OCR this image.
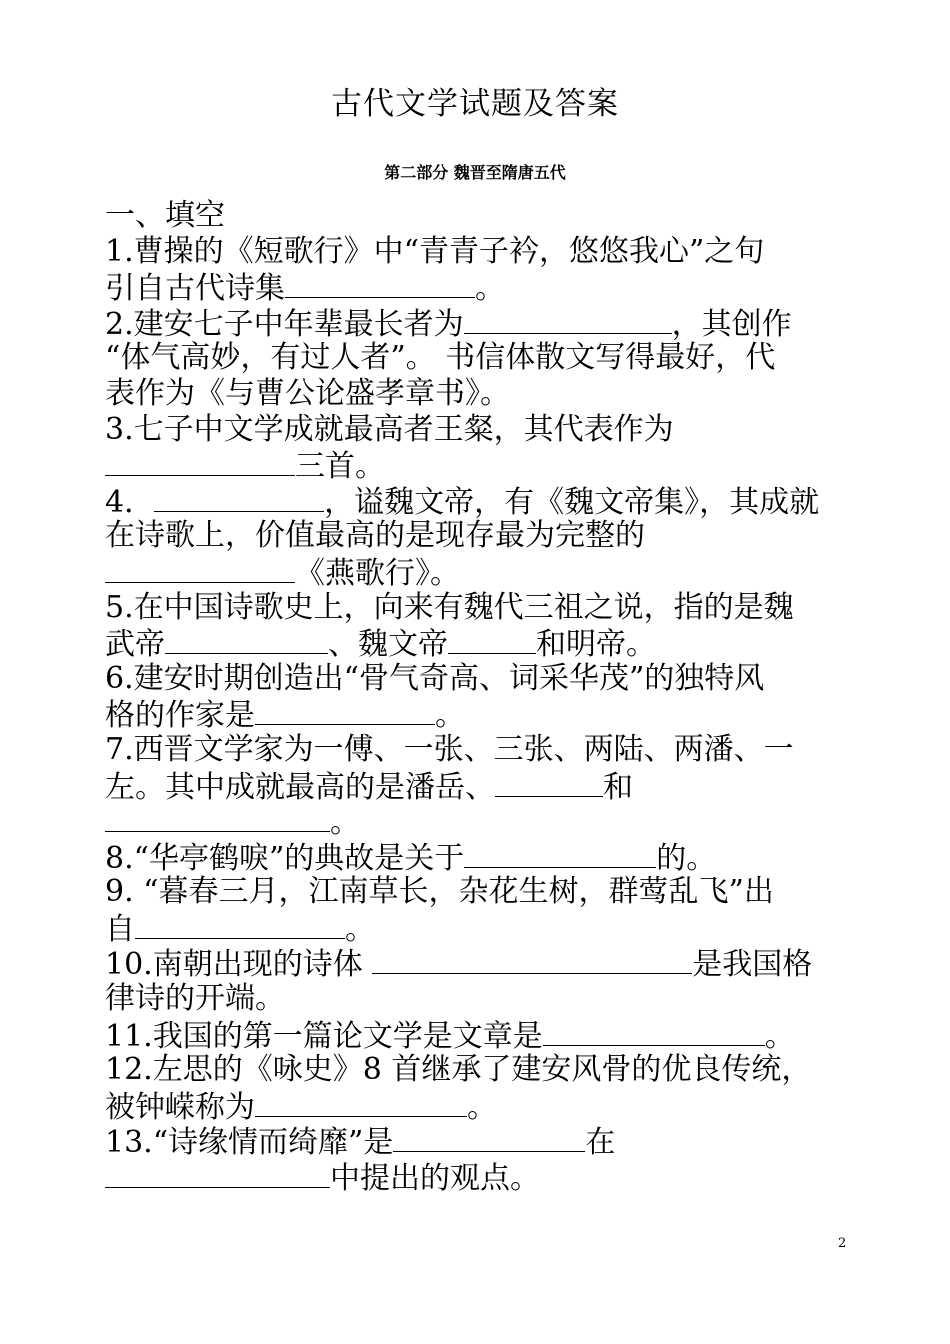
古代文学试题及答案
第二部分 魏晋至隋唐五代
一、填空
1.曹操的《短歌行》中“青青子衿，悠悠我心”之句
引自古代诗集	。
2.建安七子中年辈最长者为	，其创作
“体气高妙，有过人者”。 书信体散文写得最好，代
表作为《与曹公论盛孝章书》。
3.七子中文学成就最高者王粲，其代表作为
三首。
4．	，谥魏文帝，有《魏文帝集》，其成就
在诗歌上，价值最高的是现存最为完整的
《燕歌行》。
5.在中国诗歌史上，向来有魏代三祖之说，指的是魏
武帝	、魏文帝	和明帝。
6.建安时期创造出“骨气奇高、词采华茂”的独特风
格的作家是	。
7.西晋文学家为一傅、一张、三张、两陆、两潘、一
左。其中成就最高的是潘岳、	和
。
8.“华亭鹤唳”的典故是关于	的。
9. “暮春三月，江南草长，杂花生树，群莺乱飞”出
自	。
10.南朝出现的诗体	是我国格
律诗的开端。
11.我国的第一篇论文学是文章是	。
12.左思的《咏史》8 首继承了建安风骨的优良传统，
被钟嵘称为	。
13.“诗缘情而绮靡”是	在
中提出的观点。
2
